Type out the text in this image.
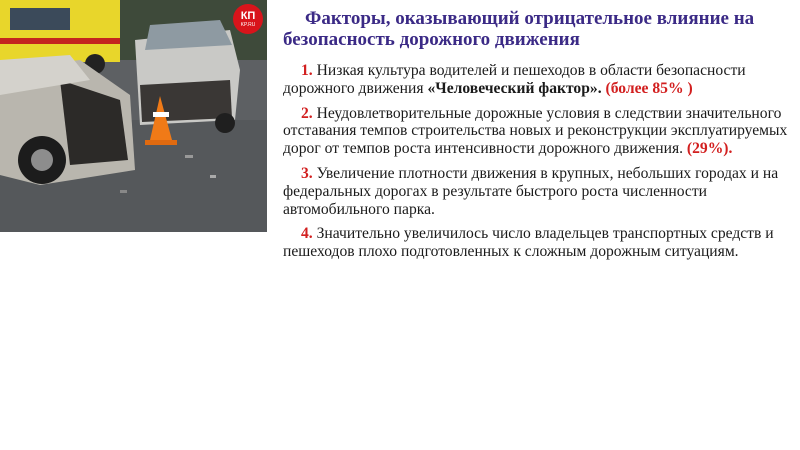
КП
KP.RU	Факторы, оказывающий отрицательное влияние на безопасность дорожного движения
1. Низкая культура водителей и пешеходов в области безопасности дорожного движения «Человеческий фактор». (более 85% )
2. Неудовлетворительные дорожные условия в следствии значительного отставания темпов строительства новых и реконструкции эксплуатируемых дорог от темпов роста интенсивности дорожного движения. (29%).
3. Увеличение плотности движения в крупных, небольших городах и на федеральных дорогах в результате быстрого роста численности автомобильного парка.
4. Значительно увеличилось число владельцев транспортных средств и пешеходов плохо подготовленных к сложным дорожным ситуациям.
